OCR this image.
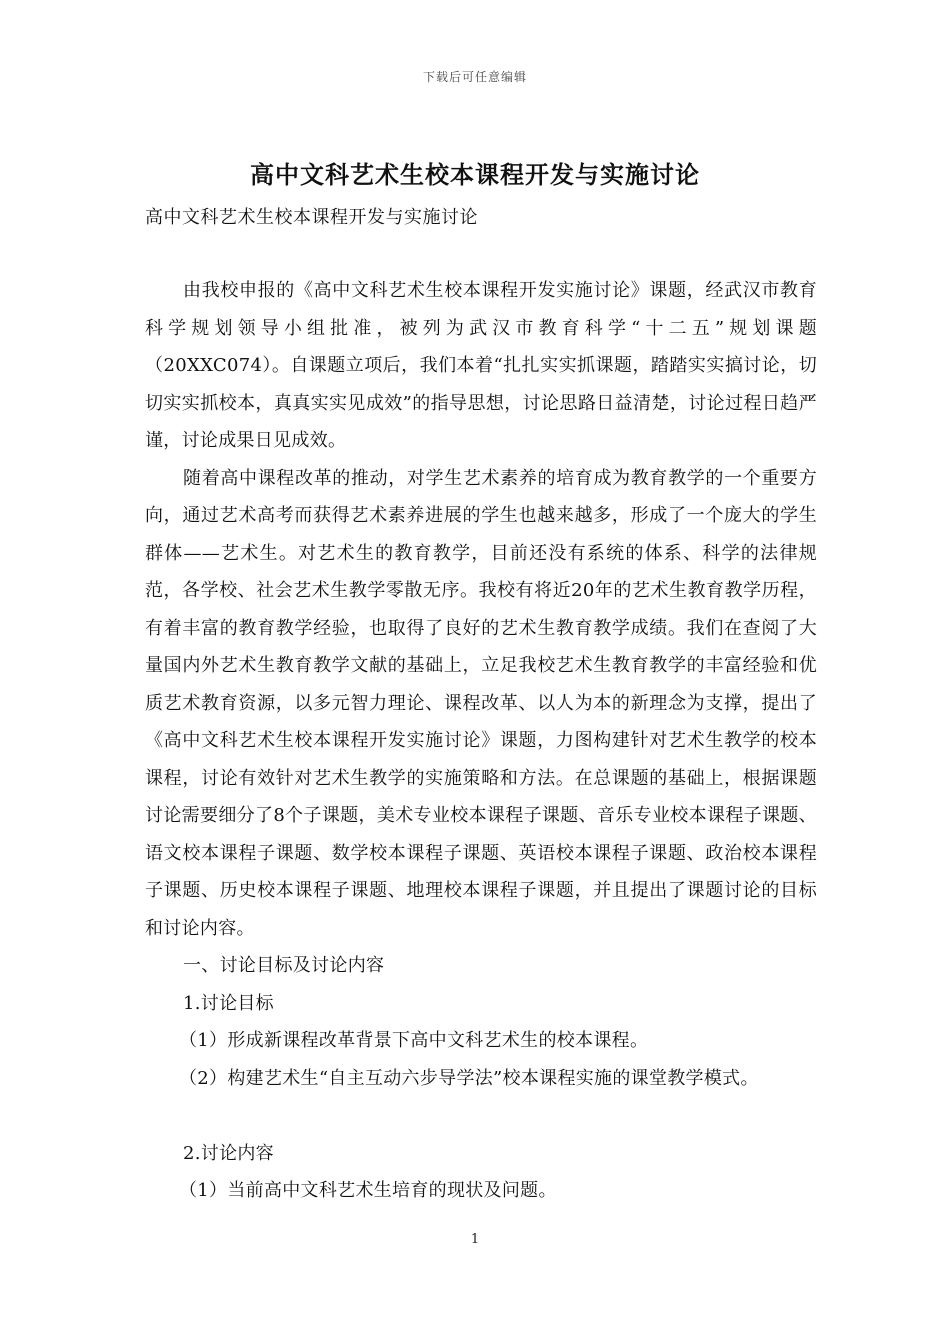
下载后可任意编辑
高中文科艺术生校本课程开发与实施讨论
高中文科艺术生校本课程开发与实施讨论

由我校申报的《高中文科艺术生校本课程开发实施讨论》课题，经武汉市教育科学规划领导小组批准，被列为武汉市教育科学“十二五”规划课题（20XXC074）。自课题立项后，我们本着“扎扎实实抓课题，踏踏实实搞讨论，切切实实抓校本，真真实实见成效”的指导思想，讨论思路日益清楚，讨论过程日趋严谨，讨论成果日见成效。

随着高中课程改革的推动，对学生艺术素养的培育成为教育教学的一个重要方向，通过艺术高考而获得艺术素养进展的学生也越来越多，形成了一个庞大的学生群体——艺术生。对艺术生的教育教学，目前还没有系统的体系、科学的法律规范，各学校、社会艺术生教学零散无序。我校有将近20年的艺术生教育教学历程，有着丰富的教育教学经验，也取得了良好的艺术生教育教学成绩。我们在查阅了大量国内外艺术生教育教学文献的基础上，立足我校艺术生教育教学的丰富经验和优质艺术教育资源，以多元智力理论、课程改革、以人为本的新理念为支撑，提出了《高中文科艺术生校本课程开发实施讨论》课题，力图构建针对艺术生教学的校本课程，讨论有效针对艺术生教学的实施策略和方法。在总课题的基础上，根据课题讨论需要细分了8个子课题，美术专业校本课程子课题、音乐专业校本课程子课题、语文校本课程子课题、数学校本课程子课题、英语校本课程子课题、政治校本课程子课题、历史校本课程子课题、地理校本课程子课题，并且提出了课题讨论的目标和讨论内容。

一、讨论目标及讨论内容

1.讨论目标

（1）形成新课程改革背景下高中文科艺术生的校本课程。

（2）构建艺术生“自主互动六步导学法”校本课程实施的课堂教学模式。

2.讨论内容

（1）当前高中文科艺术生培育的现状及问题。

1
